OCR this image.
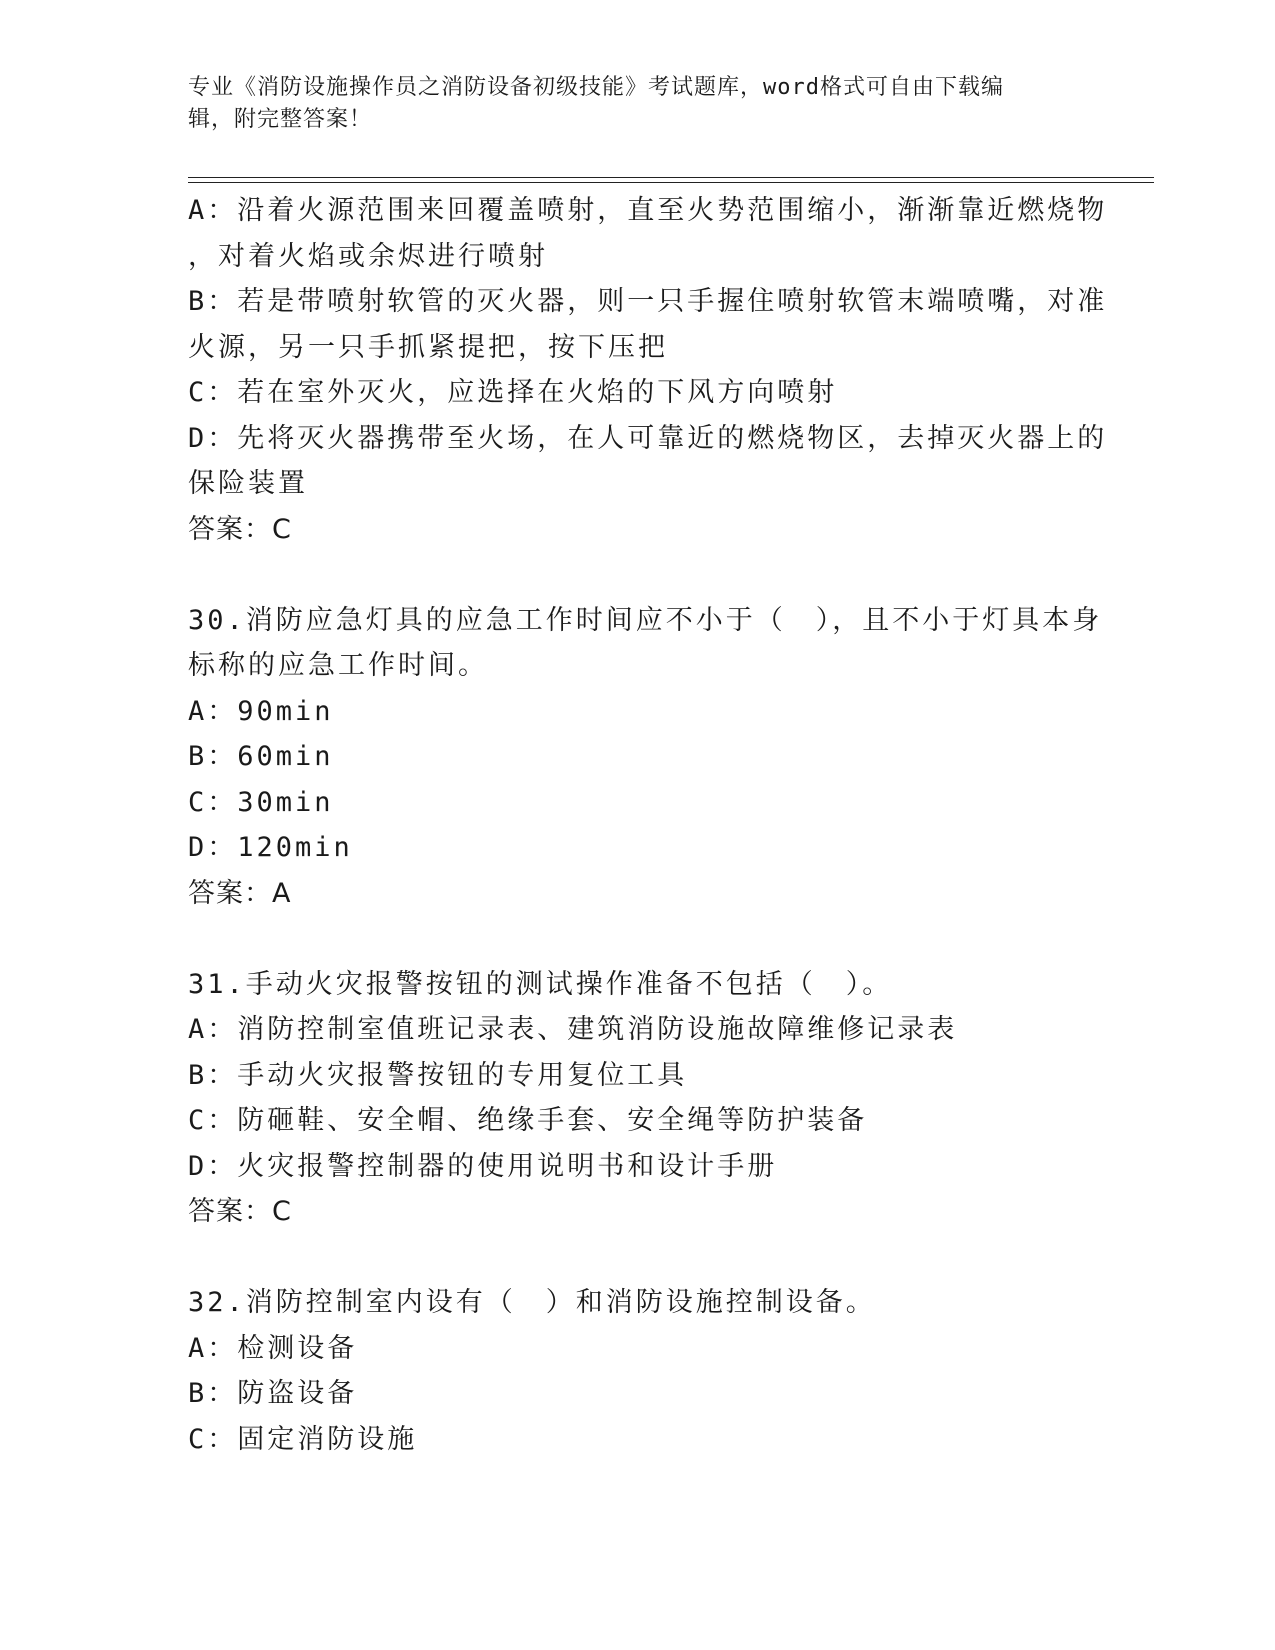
专业《消防设施操作员之消防设备初级技能》考试题库，word格式可自由下载编
辑，附完整答案！
A：沿着火源范围来回覆盖喷射，直至火势范围缩小，渐渐靠近燃烧物
，对着火焰或余烬进行喷射
B：若是带喷射软管的灭火器，则一只手握住喷射软管末端喷嘴，对准
火源，另一只手抓紧提把，按下压把
C：若在室外灭火，应选择在火焰的下风方向喷射
D：先将灭火器携带至火场，在人可靠近的燃烧物区，去掉灭火器上的
保险装置
答案：C
30.消防应急灯具的应急工作时间应不小于（　），且不小于灯具本身
标称的应急工作时间。
A：90min
B：60min
C：30min
D：120min
答案：A
31.手动火灾报警按钮的测试操作准备不包括（　）。
A：消防控制室值班记录表、建筑消防设施故障维修记录表
B：手动火灾报警按钮的专用复位工具
C：防砸鞋、安全帽、绝缘手套、安全绳等防护装备
D：火灾报警控制器的使用说明书和设计手册
答案：C
32.消防控制室内设有（　）和消防设施控制设备。
A：检测设备
B：防盗设备
C：固定消防设施
